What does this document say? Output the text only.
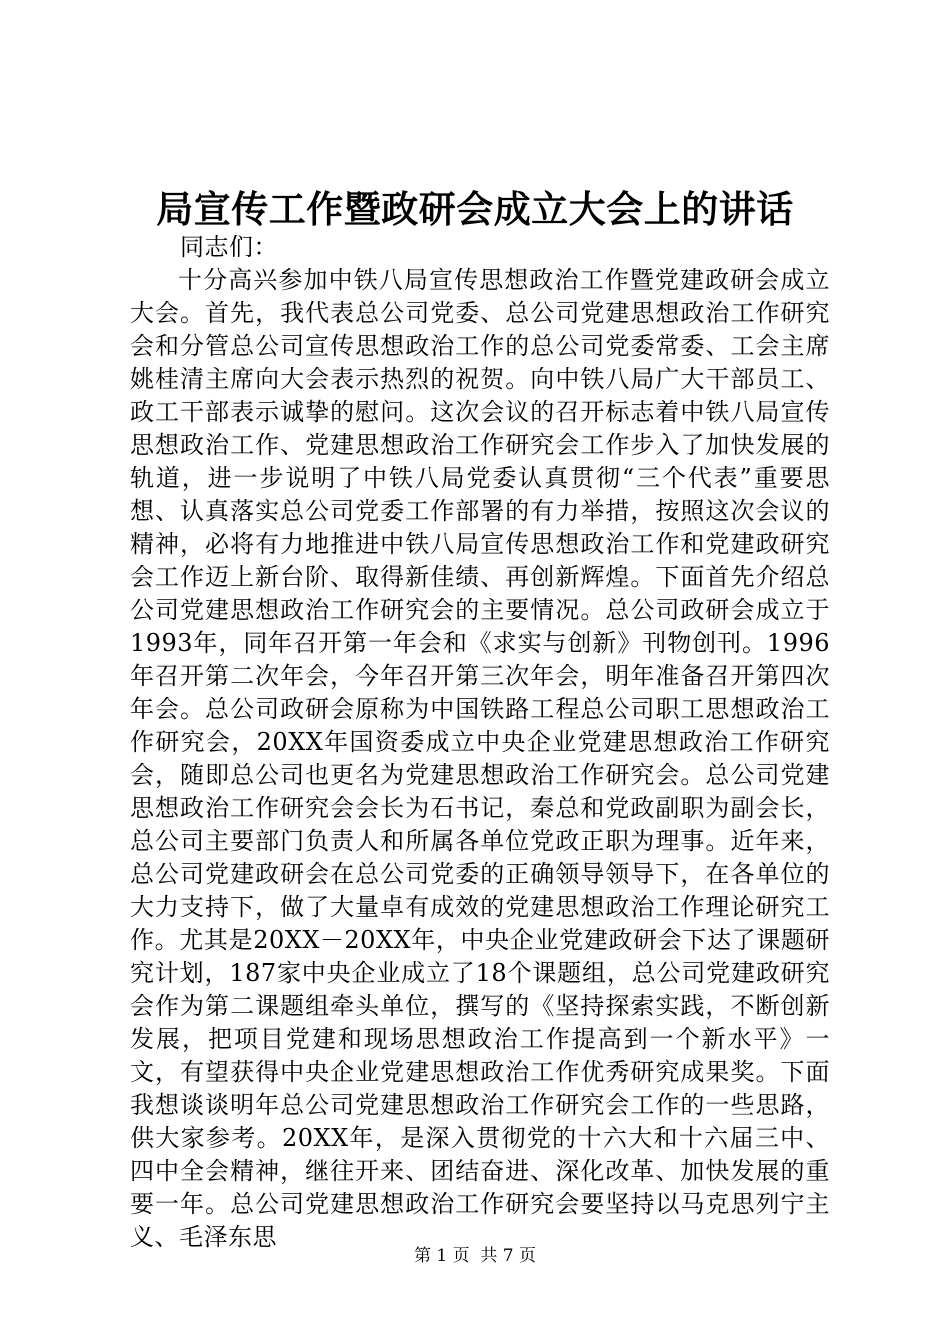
局宣传工作暨政研会成立大会上的讲话

同志们：

十分高兴参加中铁八局宣传思想政治工作暨党建政研会成立大会。首先，我代表总公司党委、总公司党建思想政治工作研究会和分管总公司宣传思想政治工作的总公司党委常委、工会主席姚桂清主席向大会表示热烈的祝贺。向中铁八局广大干部员工、政工干部表示诚挚的慰问。这次会议的召开标志着中铁八局宣传思想政治工作、党建思想政治工作研究会工作步入了加快发展的轨道，进一步说明了中铁八局党委认真贯彻“三个代表”重要思想、认真落实总公司党委工作部署的有力举措，按照这次会议的精神，必将有力地推进中铁八局宣传思想政治工作和党建政研究会工作迈上新台阶、取得新佳绩、再创新辉煌。下面首先介绍总公司党建思想政治工作研究会的主要情况。总公司政研会成立于1993年，同年召开第一年会和《求实与创新》刊物创刊。1996年召开第二次年会，今年召开第三次年会，明年准备召开第四次年会。总公司政研会原称为中国铁路工程总公司职工思想政治工作研究会，20XX年国资委成立中央企业党建思想政治工作研究会，随即总公司也更名为党建思想政治工作研究会。总公司党建思想政治工作研究会会长为石书记，秦总和党政副职为副会长，总公司主要部门负责人和所属各单位党政正职为理事。近年来，总公司党建政研会在总公司党委的正确领导领导下，在各单位的大力支持下，做了大量卓有成效的党建思想政治工作理论研究工作。尤其是20XX－20XX年，中央企业党建政研会下达了课题研究计划，187家中央企业成立了18个课题组，总公司党建政研究会作为第二课题组牵头单位，撰写的《坚持探索实践，不断创新发展，把项目党建和现场思想政治工作提高到一个新水平》一文，有望获得中央企业党建思想政治工作优秀研究成果奖。下面我想谈谈明年总公司党建思想政治工作研究会工作的一些思路，供大家参考。20XX年，是深入贯彻党的十六大和十六届三中、四中全会精神，继往开来、团结奋进、深化改革、加快发展的重要一年。总公司党建思想政治工作研究会要坚持以马克思列宁主义、毛泽东思

第 1 页  共 7 页
